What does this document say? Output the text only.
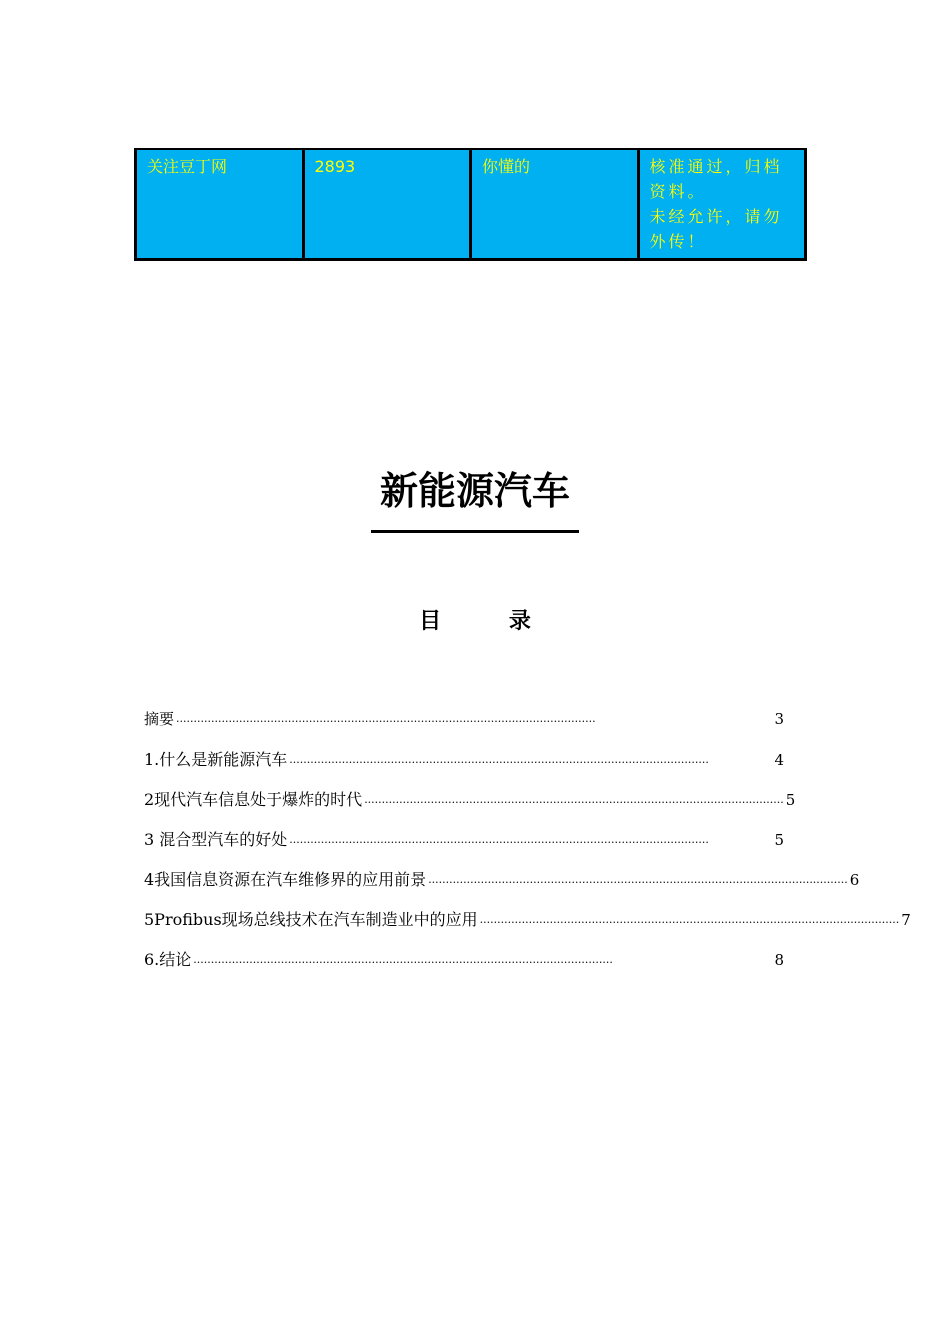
关注豆丁网	2893	你懂的	核准通过，归档资料。
未经允许，请勿外传！
新能源汽车
目 录
摘要 ························································································································	3
1.什么是新能源汽车 ························································································································	4
2现代汽车信息处于爆炸的时代 ························································································································ 5
3 混合型汽车的好处 ························································································································	5
4我国信息资源在汽车维修界的应用前景 ························································································································ 6
5Profibus现场总线技术在汽车制造业中的应用 ························································································································ 7
6.结论 ························································································································	8
